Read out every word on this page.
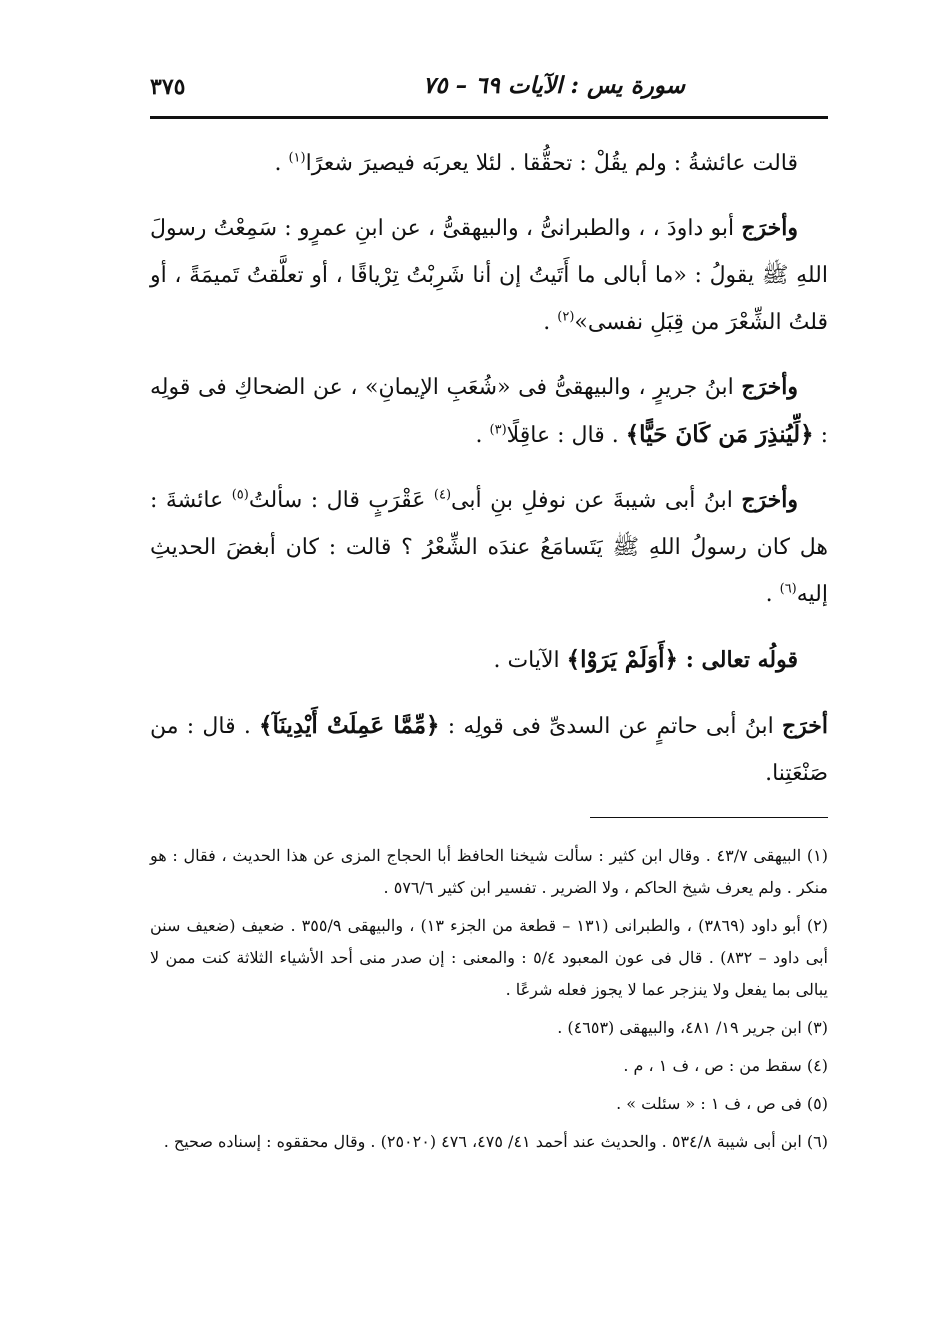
٣٧٥	سورة يس : الآيات ٦٩ – ٧٥

قالت عائشةُ : ولم يقُلْ : تحقُّقا . لئلا يعربَه فيصيرَ شعرًا$^{(١)}$ .

وأخرَج أبو داودَ ، ، والطبرانىُّ ، والبيهقىُّ ، عن ابنِ عمرٍو : سَمِعْتُ رسولَ اللهِ ﷺ يقولُ : «ما أبالى ما أَتَيتُ إن أنا شَرِبْتُ تِرْياقًا ، أو تعلَّقتُ تَميمَةً ، أو قلتُ الشِّعْرَ من قِبَلِ نفسى»$^{(٢)}$ .

وأخرَج ابنُ جريرٍ ، والبيهقىُّ فى «شُعَبِ الإيمانِ» ، عن الضحاكِ فى قولِه : ﴿لِّيُنذِرَ مَن كَانَ حَيًّا﴾ . قال : عاقِلًا$^{(٣)}$ .

وأخرَج ابنُ أبى شيبةَ عن نوفلِ بنِ أبى$^{(٤)}$ عَقْرَبٍ قال : سألتُ$^{(٥)}$ عائشةَ : هل كان رسولُ اللهِ ﷺ يَتَسامَعُ عندَه الشِّعْرُ ؟ قالت : كان أبغضَ الحديثِ إليه$^{(٦)}$ .

قولُه تعالى : ﴿أَوَلَمْ يَرَوْا﴾ الآيات .

أخرَج ابنُ أبى حاتمٍ عن السدىِّ فى قولِه : ﴿مِّمَّا عَمِلَتْ أَيْدِينَآ﴾ . قال : من صَنْعَتِنا.

(١) البيهقى ٤٣/٧ . وقال ابن كثير : سألت شيخنا الحافظ أبا الحجاج المزى عن هذا الحديث ، فقال : هو منكر . ولم يعرف شيخ الحاكم ، ولا الضرير . تفسير ابن كثير ٥٧٦/٦ .

(٢) أبو داود (٣٨٦٩) ، والطبرانى (١٣١ – قطعة من الجزء ١٣) ، والبيهقى ٣٥٥/٩ . ضعيف (ضعيف سنن أبى داود – ٨٣٢) . قال فى عون المعبود ٥/٤ : والمعنى : إن صدر منى أحد الأشياء الثلاثة كنت ممن لا يبالى بما يفعل ولا ينزجر عما لا يجوز فعله شرعًا .

(٣) ابن جرير ١٩/ ٤٨١، والبيهقى (٤٦٥٣) .

(٤) سقط من : ص ، ف ١ ، م .

(٥) فى ص ، ف ١ : « سئلت » .

(٦) ابن أبى شيبة ٥٣٤/٨ . والحديث عند أحمد ٤١/ ٤٧٥، ٤٧٦ (٢٥٠٢٠) . وقال محققوه : إسناده صحيح .
